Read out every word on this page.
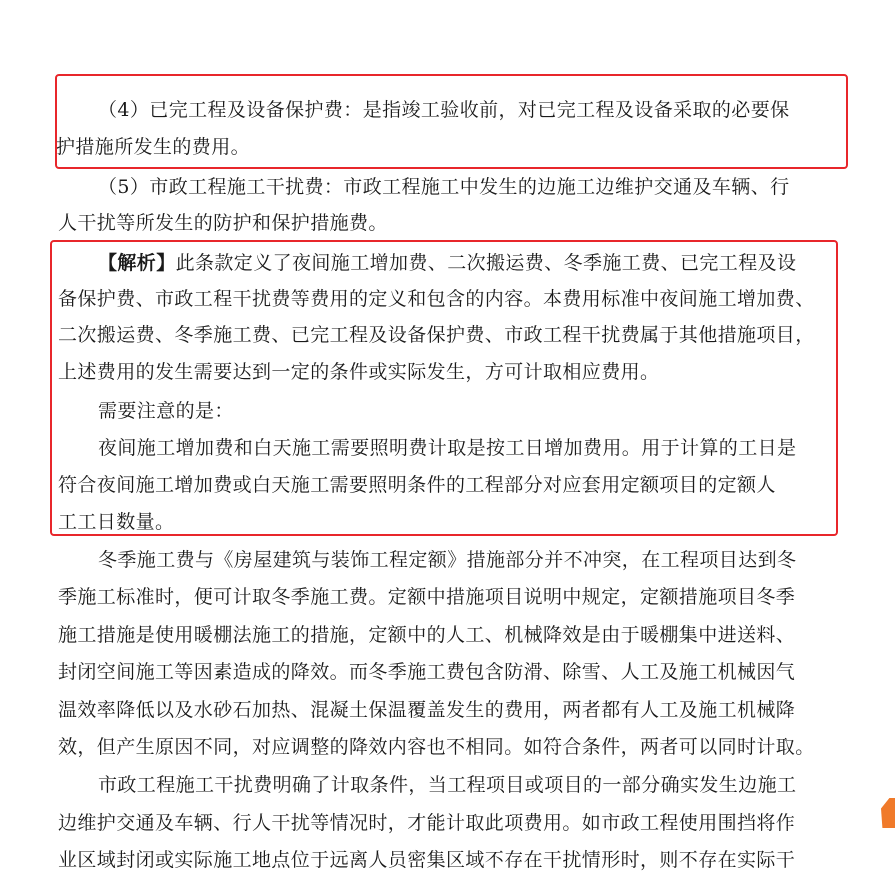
（4）已完工程及设备保护费：是指竣工验收前，对已完工程及设备采取的必要保
护措施所发生的费用。
（5）市政工程施工干扰费：市政工程施工中发生的边施工边维护交通及车辆、行
人干扰等所发生的防护和保护措施费。
【解析】此条款定义了夜间施工增加费、二次搬运费、冬季施工费、已完工程及设
备保护费、市政工程干扰费等费用的定义和包含的内容。本费用标准中夜间施工增加费、
二次搬运费、冬季施工费、已完工程及设备保护费、市政工程干扰费属于其他措施项目，
上述费用的发生需要达到一定的条件或实际发生，方可计取相应费用。
需要注意的是：
夜间施工增加费和白天施工需要照明费计取是按工日增加费用。用于计算的工日是
符合夜间施工增加费或白天施工需要照明条件的工程部分对应套用定额项目的定额人
工工日数量。
冬季施工费与《房屋建筑与装饰工程定额》措施部分并不冲突，在工程项目达到冬
季施工标准时，便可计取冬季施工费。定额中措施项目说明中规定，定额措施项目冬季
施工措施是使用暖棚法施工的措施，定额中的人工、机械降效是由于暖棚集中进送料、
封闭空间施工等因素造成的降效。而冬季施工费包含防滑、除雪、人工及施工机械因气
温效率降低以及水砂石加热、混凝土保温覆盖发生的费用，两者都有人工及施工机械降
效，但产生原因不同，对应调整的降效内容也不相同。如符合条件，两者可以同时计取。
市政工程施工干扰费明确了计取条件，当工程项目或项目的一部分确实发生边施工
边维护交通及车辆、行人干扰等情况时，才能计取此项费用。如市政工程使用围挡将作
业区域封闭或实际施工地点位于远离人员密集区域不存在干扰情形时，则不存在实际干
